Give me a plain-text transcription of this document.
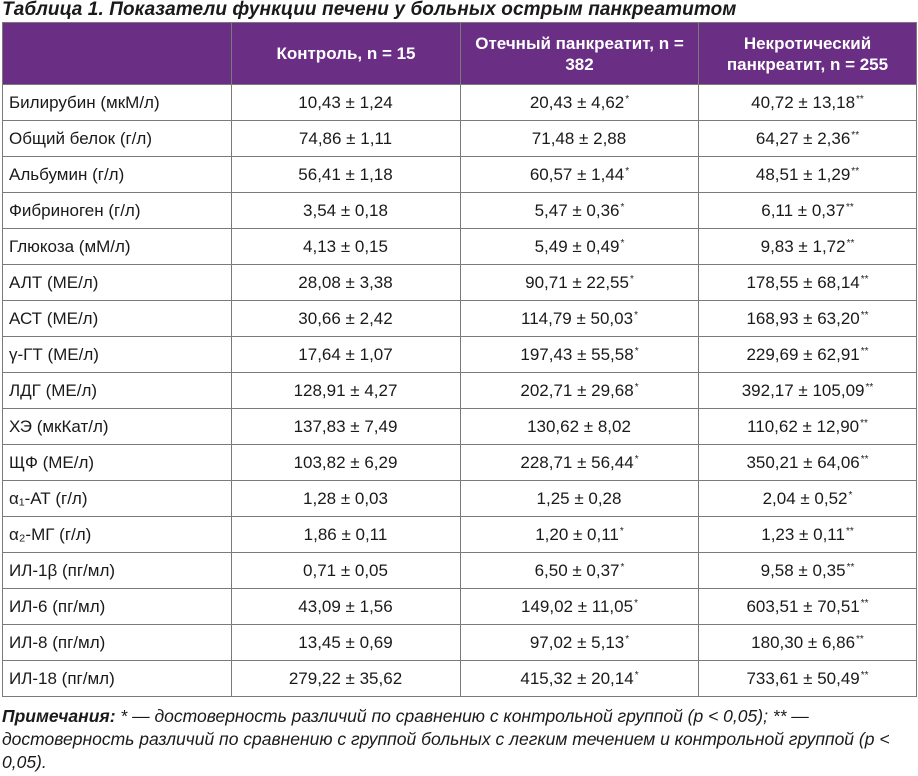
Таблица 1. Показатели функции печени у больных острым панкреатитом
	Контроль, n = 15	Отечный панкреатит, n = 382	Некротический панкреатит, n = 255
Билирубин (мкМ/л)	10,43 ± 1,24	20,43 ± 4,62*	40,72 ± 13,18**
Общий белок (г/л)	74,86 ± 1,11	71,48 ± 2,88	64,27 ± 2,36**
Альбумин (г/л)	56,41 ± 1,18	60,57 ± 1,44*	48,51 ± 1,29**
Фибриноген (г/л)	3,54 ± 0,18	5,47 ± 0,36*	6,11 ± 0,37**
Глюкоза (мМ/л)	4,13 ± 0,15	5,49 ± 0,49*	9,83 ± 1,72**
АЛТ (МЕ/л)	28,08 ± 3,38	90,71 ± 22,55*	178,55 ± 68,14**
АСТ (МЕ/л)	30,66 ± 2,42	114,79 ± 50,03*	168,93 ± 63,20**
γ-ГТ (МЕ/л)	17,64 ± 1,07	197,43 ± 55,58*	229,69 ± 62,91**
ЛДГ (МЕ/л)	128,91 ± 4,27	202,71 ± 29,68*	392,17 ± 105,09**
ХЭ (мкКат/л)	137,83 ± 7,49	130,62 ± 8,02	110,62 ± 12,90**
ЩФ (МЕ/л)	103,82 ± 6,29	228,71 ± 56,44*	350,21 ± 64,06**
α₁-АТ (г/л)	1,28 ± 0,03	1,25 ± 0,28	2,04 ± 0,52*
α₂-МГ (г/л)	1,86 ± 0,11	1,20 ± 0,11*	1,23 ± 0,11**
ИЛ-1β (пг/мл)	0,71 ± 0,05	6,50 ± 0,37*	9,58 ± 0,35**
ИЛ-6 (пг/мл)	43,09 ± 1,56	149,02 ± 11,05*	603,51 ± 70,51**
ИЛ-8 (пг/мл)	13,45 ± 0,69	97,02 ± 5,13*	180,30 ± 6,86**
ИЛ-18 (пг/мл)	279,22 ± 35,62	415,32 ± 20,14*	733,61 ± 50,49**
Примечания: * — достоверность различий по сравнению с контрольной группой (р < 0,05); ** — достоверность различий по сравнению с группой больных с легким течением и контрольной группой (р < 0,05).
